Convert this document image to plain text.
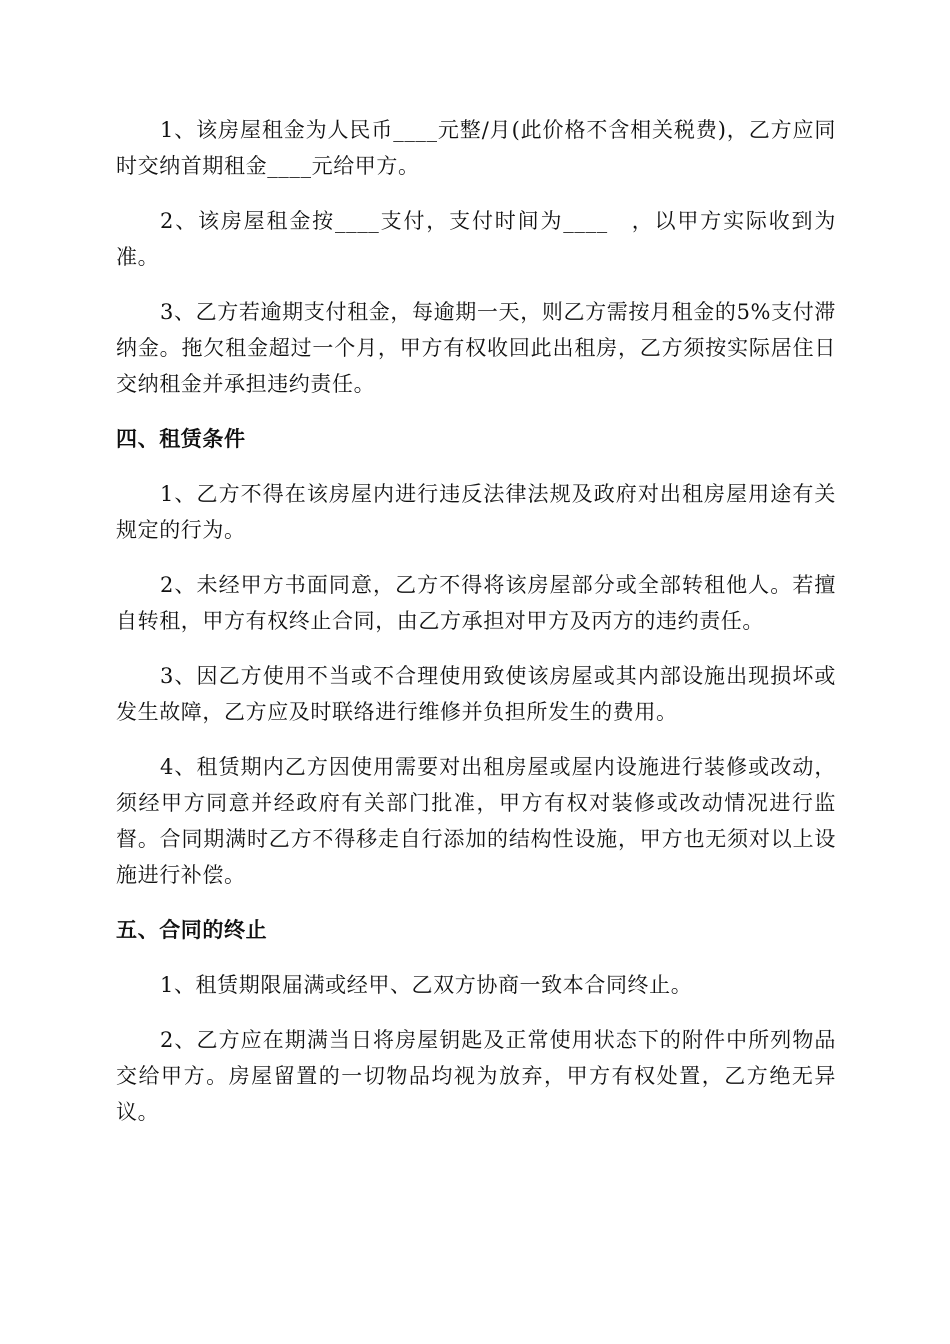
1、该房屋租金为人民币____元整/月(此价格不含相关税费)，乙方应同时交纳首期租金____元给甲方。

2、该房屋租金按____支付，支付时间为____　，以甲方实际收到为准。

3、乙方若逾期支付租金，每逾期一天，则乙方需按月租金的5%支付滞纳金。拖欠租金超过一个月，甲方有权收回此出租房，乙方须按实际居住日交纳租金并承担违约责任。

四、租赁条件

1、乙方不得在该房屋内进行违反法律法规及政府对出租房屋用途有关规定的行为。

2、未经甲方书面同意，乙方不得将该房屋部分或全部转租他人。若擅自转租，甲方有权终止合同，由乙方承担对甲方及丙方的违约责任。

3、因乙方使用不当或不合理使用致使该房屋或其内部设施出现损坏或发生故障，乙方应及时联络进行维修并负担所发生的费用。

4、租赁期内乙方因使用需要对出租房屋或屋内设施进行装修或改动，须经甲方同意并经政府有关部门批准，甲方有权对装修或改动情况进行监督。合同期满时乙方不得移走自行添加的结构性设施，甲方也无须对以上设施进行补偿。

五、合同的终止

1、租赁期限届满或经甲、乙双方协商一致本合同终止。

2、乙方应在期满当日将房屋钥匙及正常使用状态下的附件中所列物品交给甲方。房屋留置的一切物品均视为放弃，甲方有权处置，乙方绝无异议。
